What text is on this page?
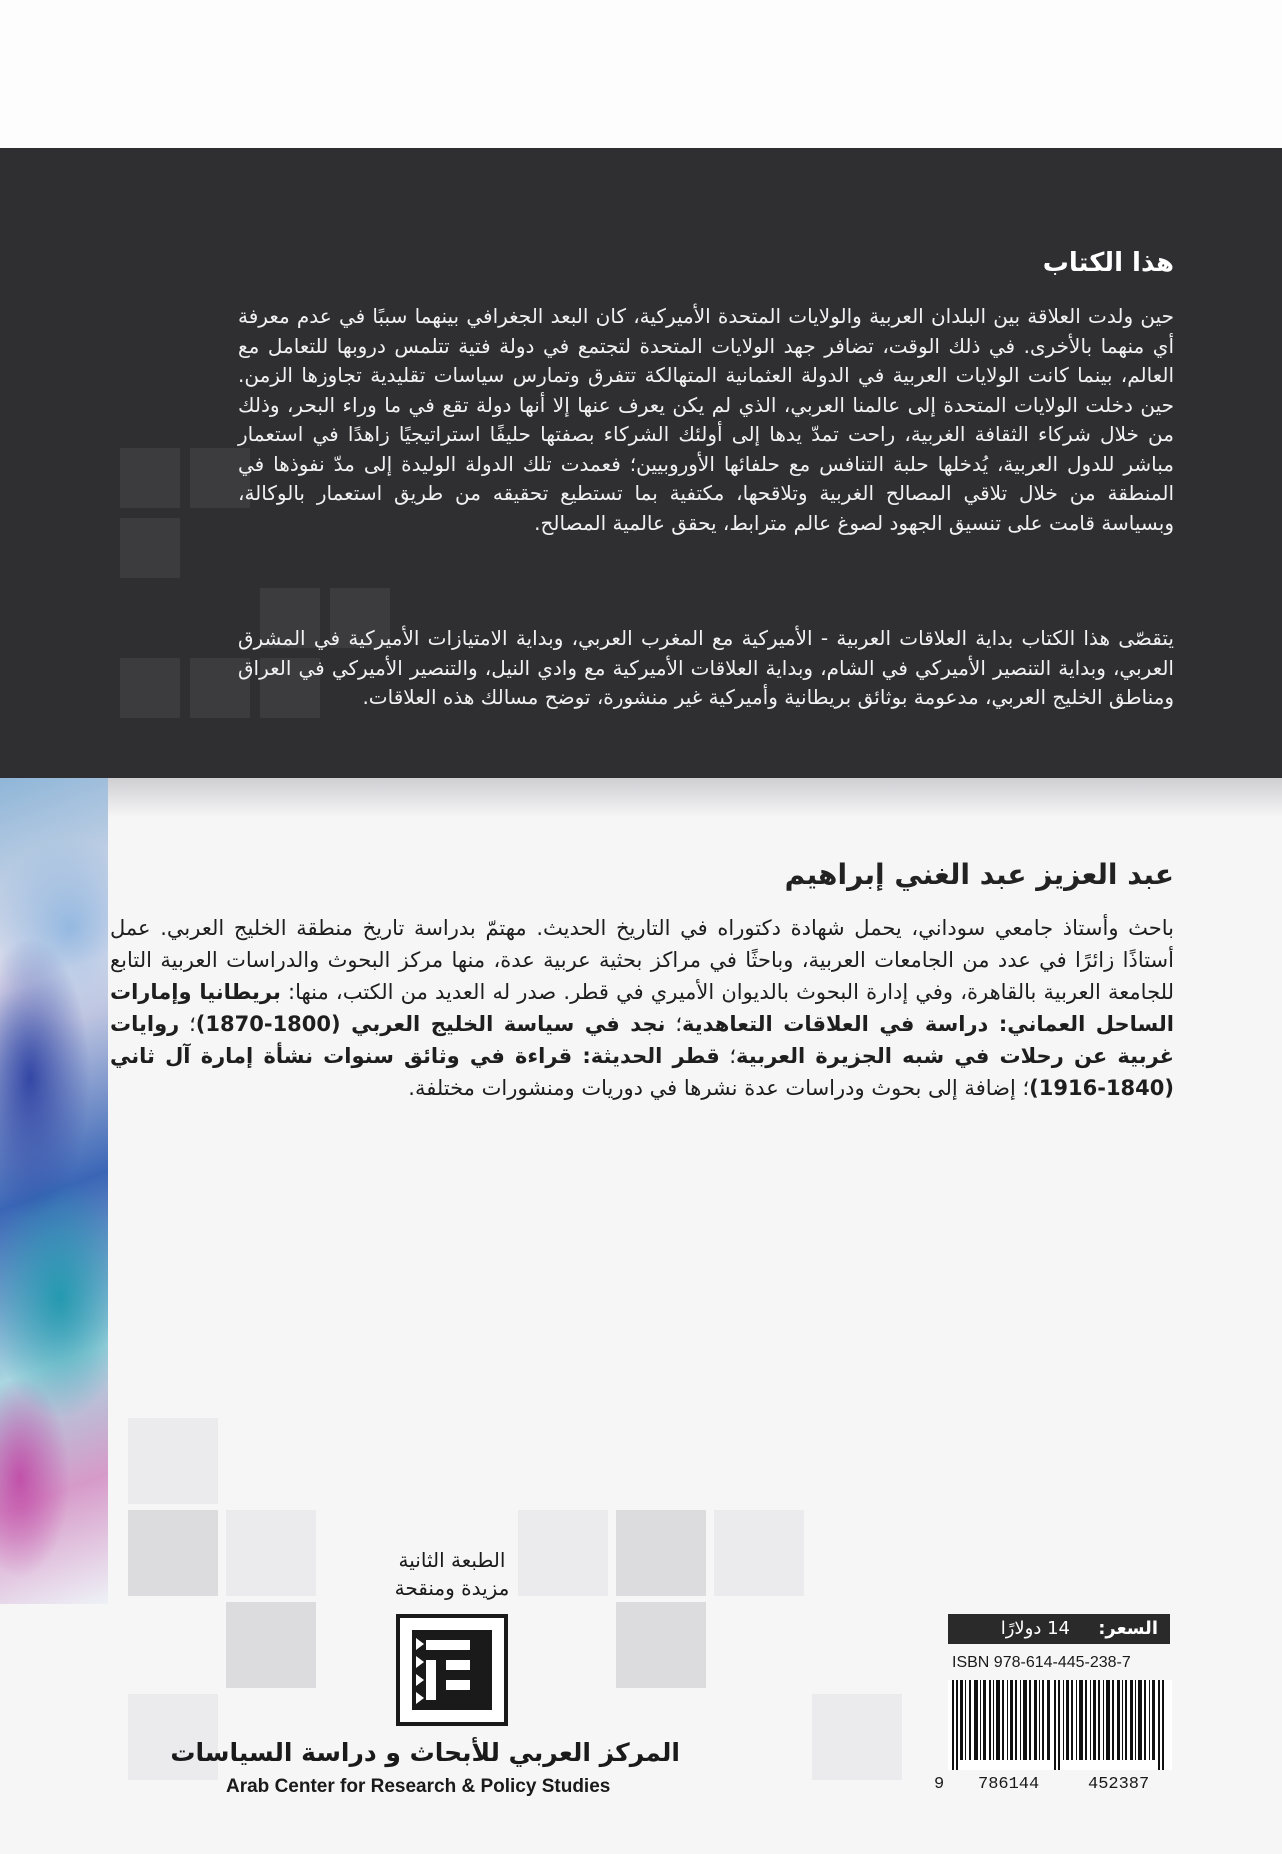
هذا الكتاب
حين ولدت العلاقة بين البلدان العربية والولايات المتحدة الأميركية، كان البعد الجغرافي بينهما سببًا في عدم معرفة أي منهما بالأخرى. في ذلك الوقت، تضافر جهد الولايات المتحدة لتجتمع في دولة فتية تتلمس دروبها للتعامل مع العالم، بينما كانت الولايات العربية في الدولة العثمانية المتهالكة تتفرق وتمارس سياسات تقليدية تجاوزها الزمن. حين دخلت الولايات المتحدة إلى عالمنا العربي، الذي لم يكن يعرف عنها إلا أنها دولة تقع في ما وراء البحر، وذلك من خلال شركاء الثقافة الغربية، راحت تمدّ يدها إلى أولئك الشركاء بصفتها حليفًا استراتيجيًا زاهدًا في استعمار مباشر للدول العربية، يُدخلها حلبة التنافس مع حلفائها الأوروبيين؛ فعمدت تلك الدولة الوليدة إلى مدّ نفوذها في المنطقة من خلال تلاقي المصالح الغربية وتلاقحها، مكتفية بما تستطيع تحقيقه من طريق استعمار بالوكالة، وبسياسة قامت على تنسيق الجهود لصوغ عالم مترابط، يحقق عالمية المصالح.
يتقصّى هذا الكتاب بداية العلاقات العربية - الأميركية مع المغرب العربي، وبداية الامتيازات الأميركية في المشرق العربي، وبداية التنصير الأميركي في الشام، وبداية العلاقات الأميركية مع وادي النيل، والتنصير الأميركي في العراق ومناطق الخليج العربي، مدعومة بوثائق بريطانية وأميركية غير منشورة، توضح مسالك هذه العلاقات.
عبد العزيز عبد الغني إبراهيم
باحث وأستاذ جامعي سوداني، يحمل شهادة دكتوراه في التاريخ الحديث. مهتمّ بدراسة تاريخ منطقة الخليج العربي. عمل أستاذًا زائرًا في عدد من الجامعات العربية، وباحثًا في مراكز بحثية عربية عدة، منها مركز البحوث والدراسات العربية التابع للجامعة العربية بالقاهرة، وفي إدارة البحوث بالديوان الأميري في قطر. صدر له العديد من الكتب، منها: بريطانيا وإمارات الساحل العماني: دراسة في العلاقات التعاهدية؛ نجد في سياسة الخليج العربي (1800-1870)؛ روايات غربية عن رحلات في شبه الجزيرة العربية؛ قطر الحديثة: قراءة في وثائق سنوات نشأة إمارة آل ثاني (1840-1916)؛ إضافة إلى بحوث ودراسات عدة نشرها في دوريات ومنشورات مختلفة.
الطبعة الثانية
مزيدة ومنقحة
المركز العربي للأبحاث و دراسة السياسات
Arab Center for Research & Policy Studies
السعر:
14 دولارًا
ISBN 978-614-445-238-7
9 786144	452387
